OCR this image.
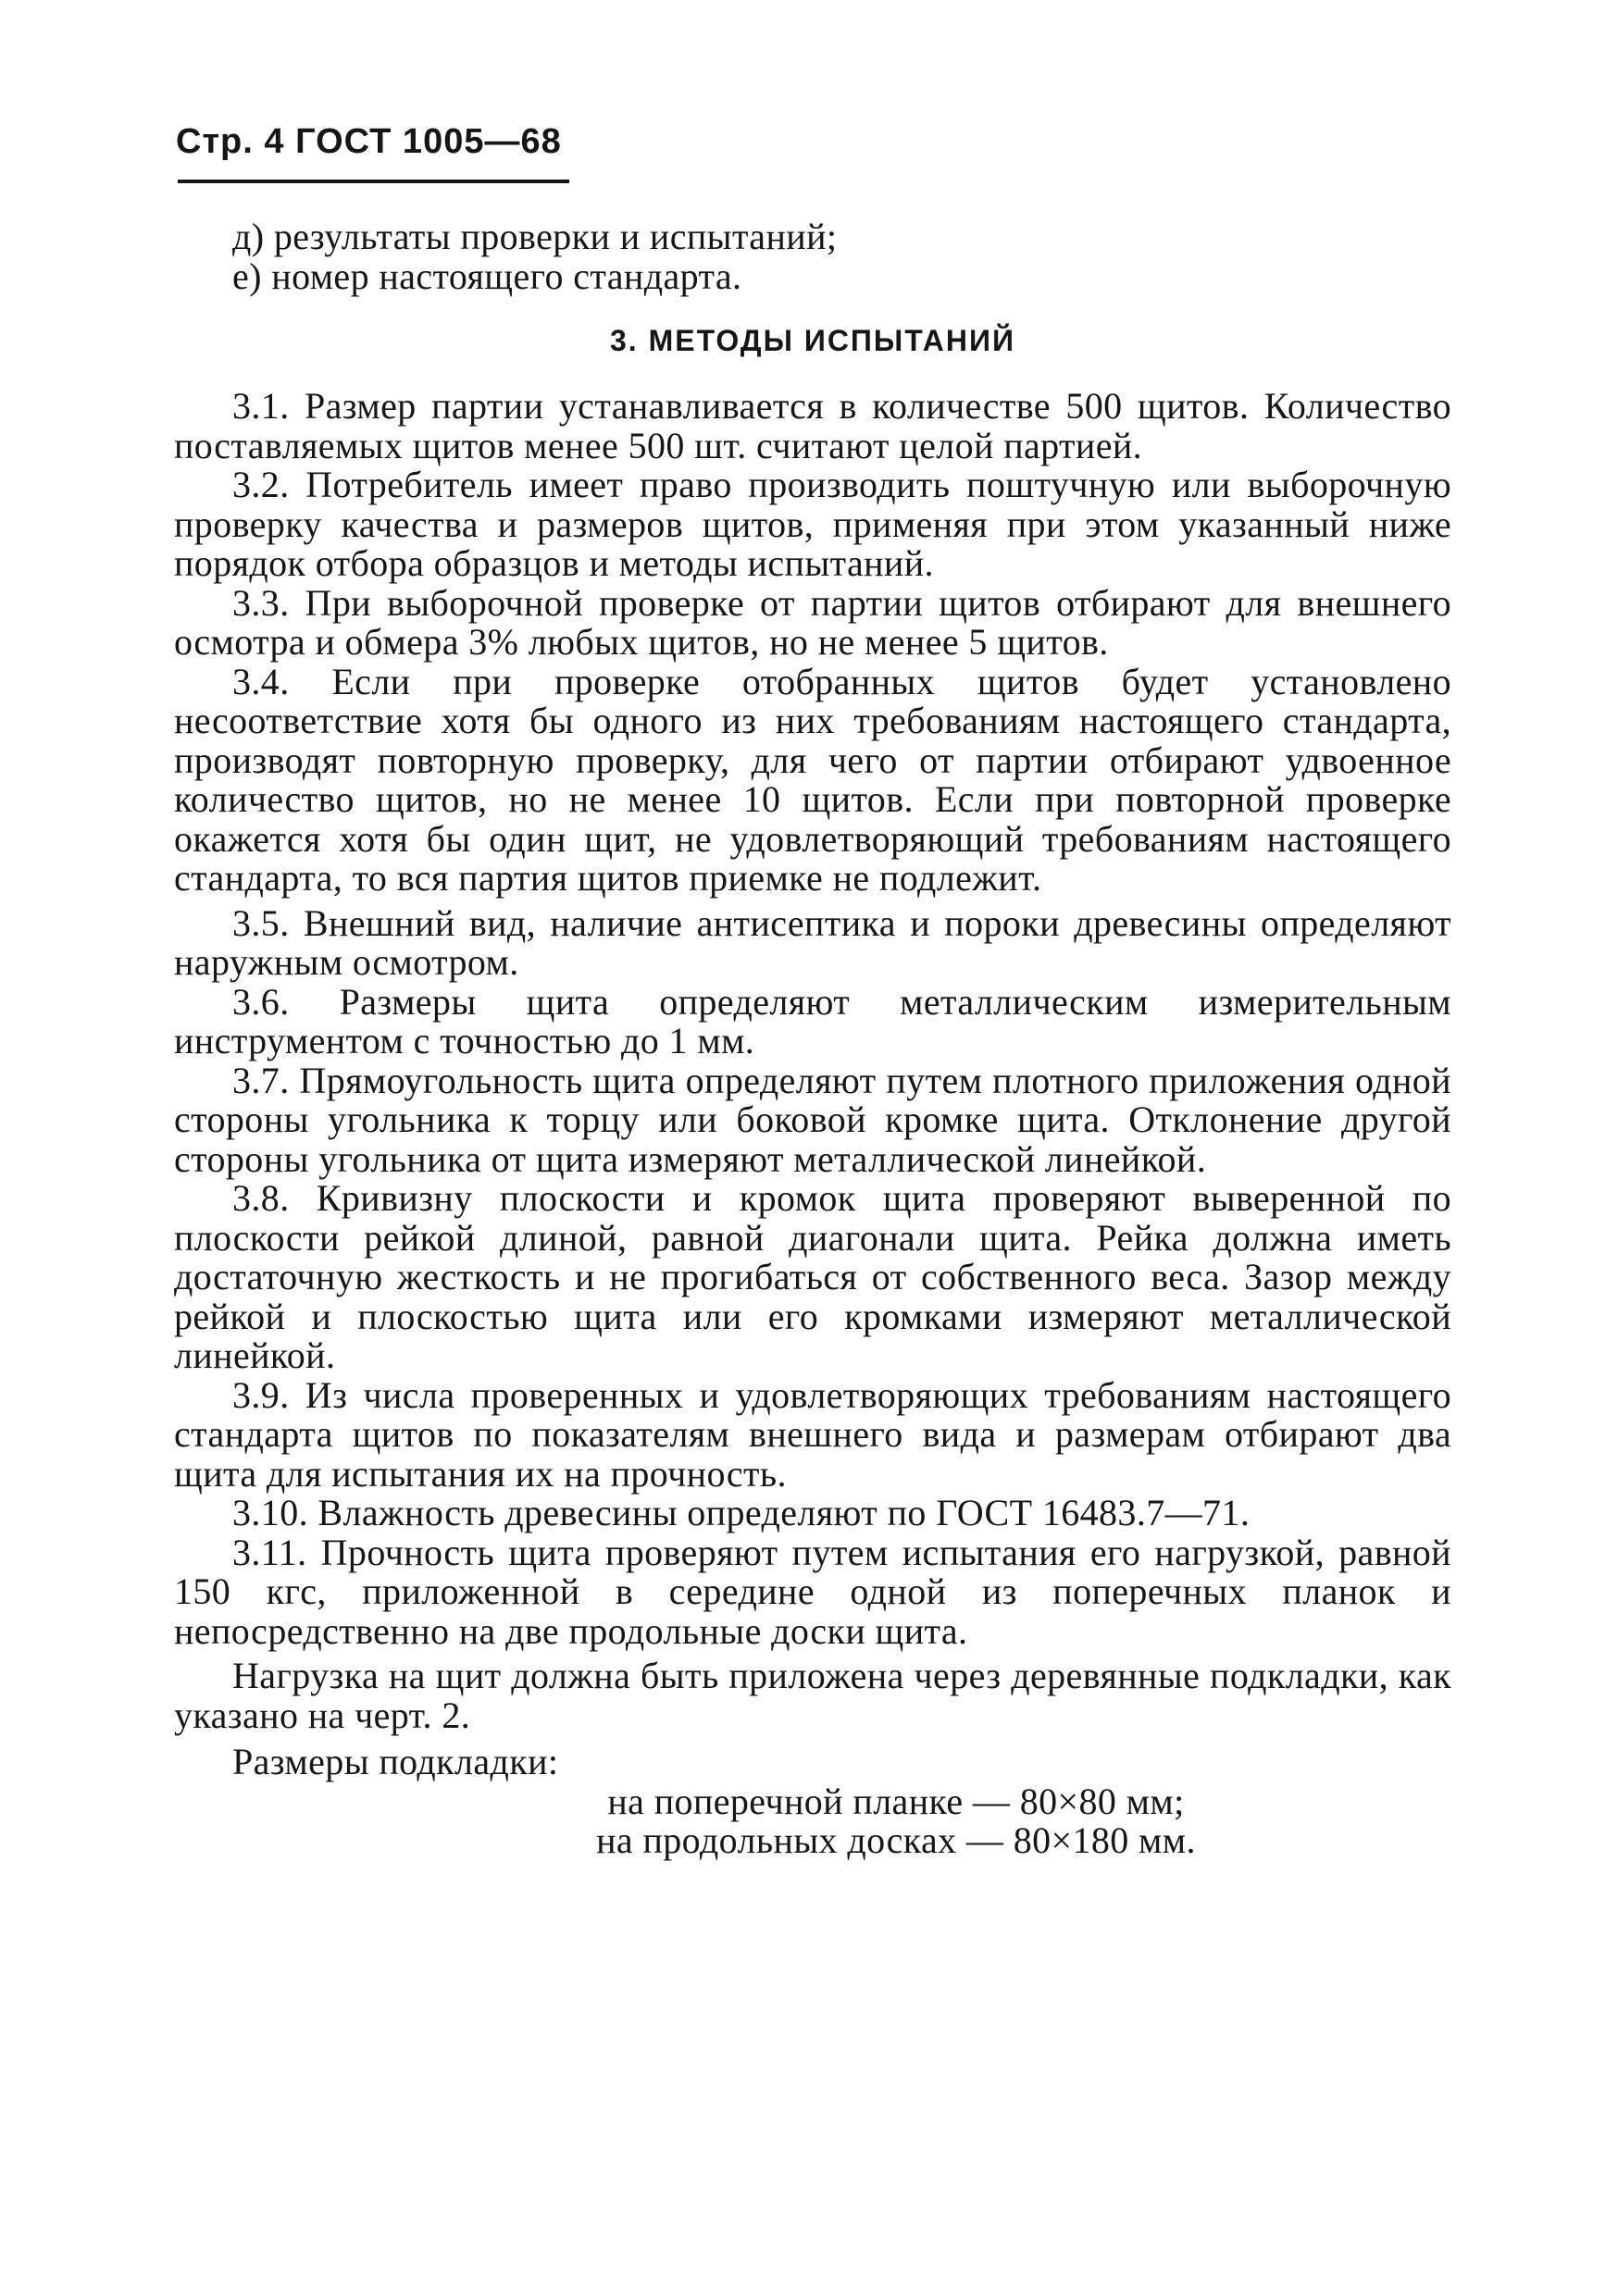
Стр. 4 ГОСТ 1005—68

д) результаты проверки и испытаний;

е) номер настоящего стандарта.

3. МЕТОДЫ ИСПЫТАНИЙ

3.1. Размер партии устанавливается в количестве 500 щитов. Количество поставляемых щитов менее 500 шт. считают целой партией.

3.2. Потребитель имеет право производить поштучную или выборочную проверку качества и размеров щитов, применяя при этом указанный ниже порядок отбора образцов и методы испытаний.

3.3. При выборочной проверке от партии щитов отбирают для внешнего осмотра и обмера 3% любых щитов, но не менее 5 щитов.

3.4. Если при проверке отобранных щитов будет установлено несоответствие хотя бы одного из них требованиям настоящего стандарта, производят повторную проверку, для чего от партии отбирают удвоенное количество щитов, но не менее 10 щитов. Если при повторной проверке окажется хотя бы один щит, не удовлетворяющий требованиям настоящего стандарта, то вся партия щитов приемке не подлежит.

3.5. Внешний вид, наличие антисептика и пороки древесины определяют наружным осмотром.

3.6. Размеры щита определяют металлическим измерительным инструментом с точностью до 1 мм.

3.7. Прямоугольность щита определяют путем плотного приложения одной стороны угольника к торцу или боковой кромке щита. Отклонение другой стороны угольника от щита измеряют металлической линейкой.

3.8. Кривизну плоскости и кромок щита проверяют выверенной по плоскости рейкой длиной, равной диагонали щита. Рейка должна иметь достаточную жесткость и не прогибаться от собственного веса. Зазор между рейкой и плоскостью щита или его кромками измеряют металлической линейкой.

3.9. Из числа проверенных и удовлетворяющих требованиям настоящего стандарта щитов по показателям внешнего вида и размерам отбирают два щита для испытания их на прочность.

3.10. Влажность древесины определяют по ГОСТ 16483.7—71.

3.11. Прочность щита проверяют путем испытания его нагрузкой, равной 150 кгс, приложенной в середине одной из поперечных планок и непосредственно на две продольные доски щита.

Нагрузка на щит должна быть приложена через деревянные подкладки, как указано на черт. 2.

Размеры подкладки:

на поперечной планке — 80×80 мм;

на продольных досках — 80×180 мм.
